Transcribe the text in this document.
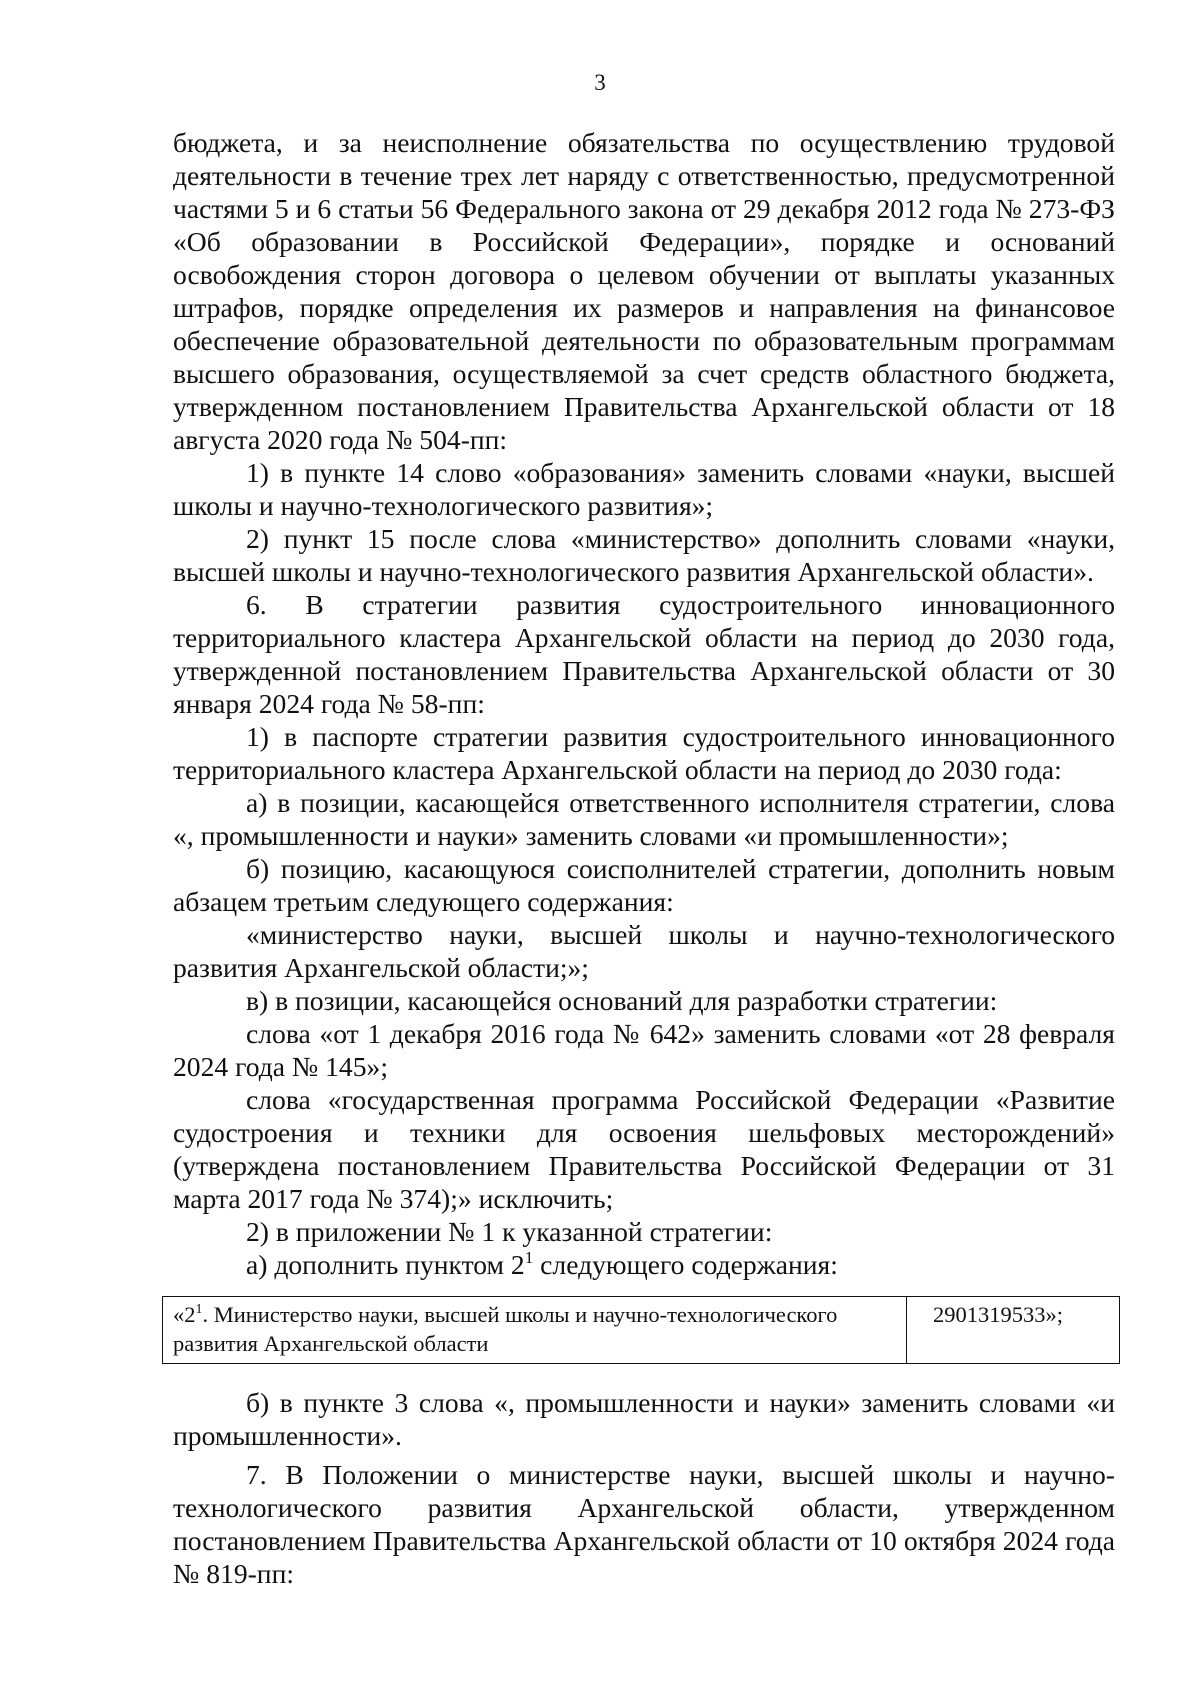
3

бюджета, и за неисполнение обязательства по осуществлению трудовой деятельности в течение трех лет наряду с ответственностью, предусмотренной частями 5 и 6 статьи 56 Федерального закона от 29 декабря 2012 года № 273-ФЗ «Об образовании в Российской Федерации», порядке и оснований освобождения сторон договора о целевом обучении от выплаты указанных штрафов, порядке определения их размеров и направления на финансовое обеспечение образовательной деятельности по образовательным программам высшего образования, осуществляемой за счет средств областного бюджета, утвержденном постановлением Правительства Архангельской области от 18 августа 2020 года № 504-пп:

1) в пункте 14 слово «образования» заменить словами «науки, высшей школы и научно-технологического развития»;

2) пункт 15 после слова «министерство» дополнить словами «науки, высшей школы и научно-технологического развития Архангельской области».

6. В стратегии развития судостроительного инновационного территориального кластера Архангельской области на период до 2030 года, утвержденной постановлением Правительства Архангельской области от 30 января 2024 года № 58-пп:

1) в паспорте стратегии развития судостроительного инновационного территориального кластера Архангельской области на период до 2030 года:

а) в позиции, касающейся ответственного исполнителя стратегии, слова «, промышленности и науки» заменить словами «и промышленности»;

б) позицию, касающуюся соисполнителей стратегии, дополнить новым абзацем третьим следующего содержания:

«министерство науки, высшей школы и научно-технологического развития Архангельской области;»;

в) в позиции, касающейся оснований для разработки стратегии:

слова «от 1 декабря 2016 года № 642» заменить словами «от 28 февраля 2024 года № 145»;

слова «государственная программа Российской Федерации «Развитие судостроения и техники для освоения шельфовых месторождений» (утверждена постановлением Правительства Российской Федерации от 31 марта 2017 года № 374);» исключить;

2) в приложении № 1 к указанной стратегии:

а) дополнить пунктом $2^1$ следующего содержания:

«$2^1$. Министерство науки, высшей школы и научно-технологического развития Архангельской области	2901319533»;

б) в пункте 3 слова «, промышленности и науки» заменить словами «и промышленности».

7. В Положении о министерстве науки, высшей школы и научно-технологического развития Архангельской области, утвержденном постановлением Правительства Архангельской области от 10 октября 2024 года № 819-пп:
